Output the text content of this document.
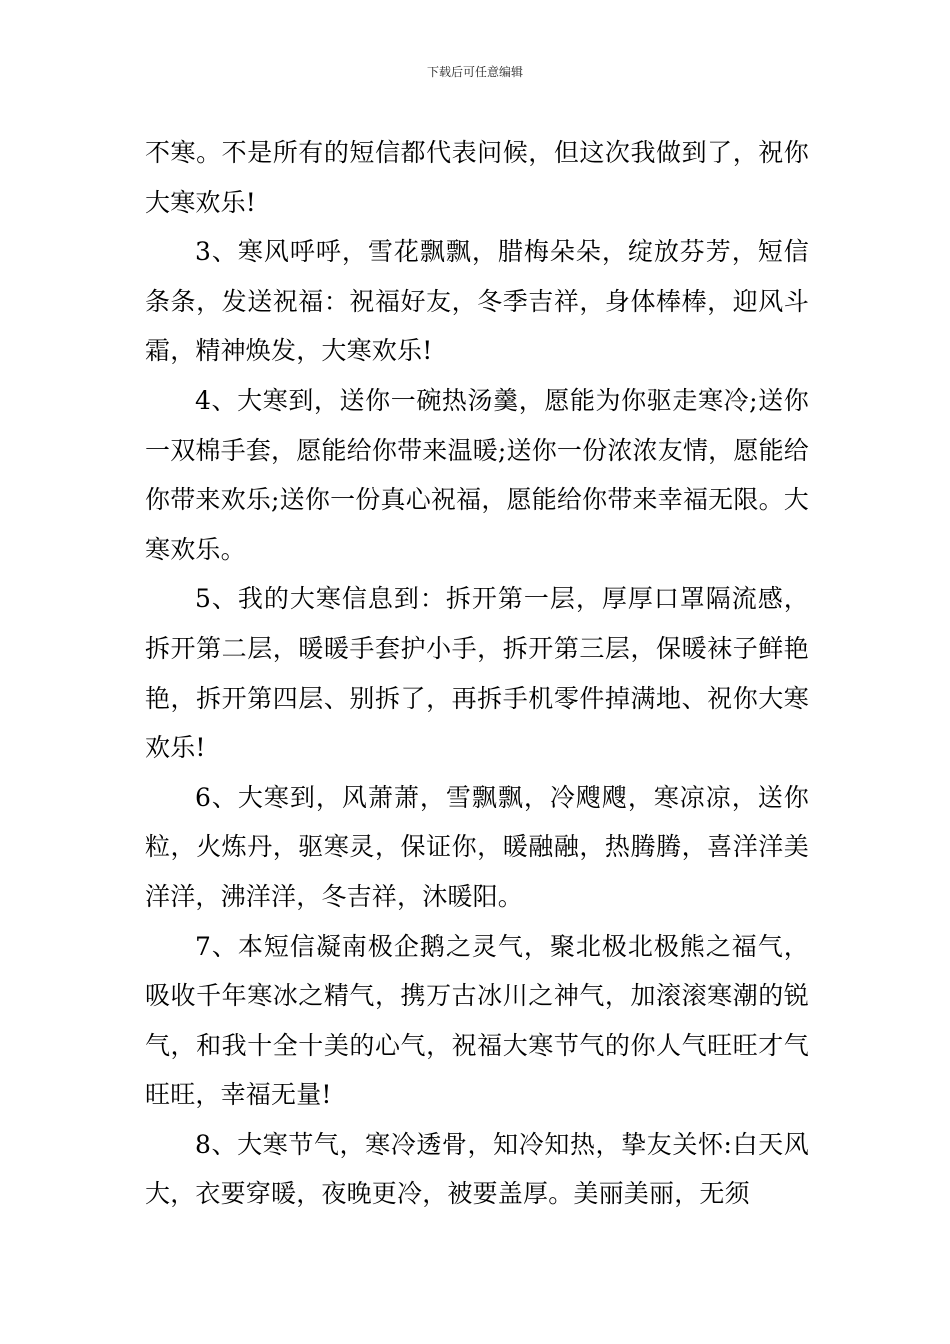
下载后可任意编辑

不寒。不是所有的短信都代表问候，但这次我做到了，祝你大寒欢乐!

3、寒风呼呼，雪花飘飘，腊梅朵朵，绽放芬芳，短信条条，发送祝福：祝福好友，冬季吉祥，身体棒棒，迎风斗霜，精神焕发，大寒欢乐!

4、大寒到，送你一碗热汤羹，愿能为你驱走寒冷;送你一双棉手套，愿能给你带来温暖;送你一份浓浓友情，愿能给你带来欢乐;送你一份真心祝福，愿能给你带来幸福无限。大寒欢乐。

5、我的大寒信息到：拆开第一层，厚厚口罩隔流感，拆开第二层，暖暖手套护小手，拆开第三层，保暖袜子鲜艳艳，拆开第四层、别拆了，再拆手机零件掉满地、祝你大寒欢乐!

6、大寒到，风萧萧，雪飘飘，冷飕飕，寒凉凉，送你粒，火炼丹，驱寒灵，保证你，暖融融，热腾腾，喜洋洋美洋洋，沸洋洋，冬吉祥，沐暖阳。

7、本短信凝南极企鹅之灵气，聚北极北极熊之福气，吸收千年寒冰之精气，携万古冰川之神气，加滚滚寒潮的锐气，和我十全十美的心气，祝福大寒节气的你人气旺旺才气旺旺，幸福无量!

8、大寒节气，寒冷透骨，知冷知热，挚友关怀:白天风大，衣要穿暖，夜晚更冷，被要盖厚。美丽美丽，无须
